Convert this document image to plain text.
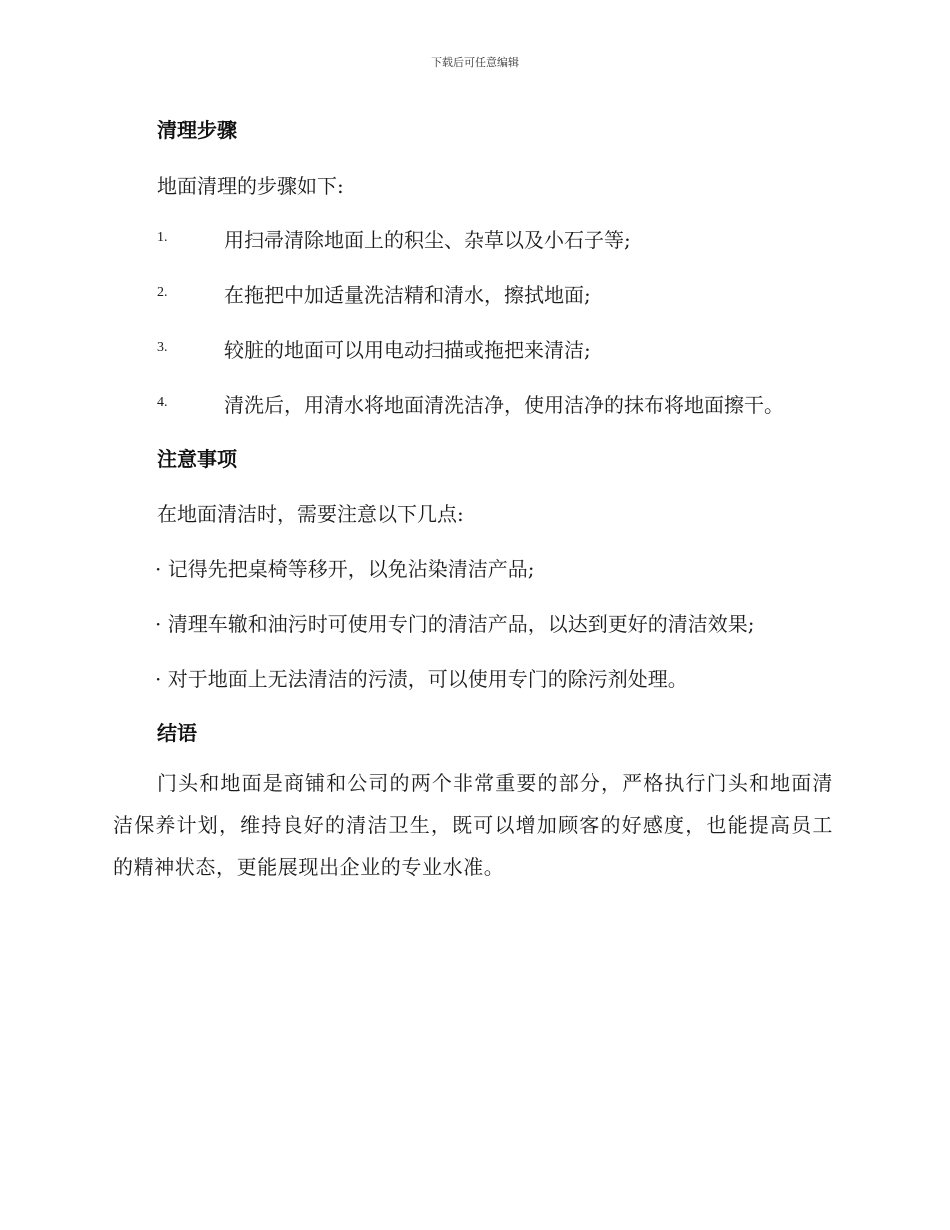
下载后可任意编辑
清理步骤
地面清理的步骤如下:
1.	用扫帚清除地面上的积尘、杂草以及小石子等;
2.	在拖把中加适量洗洁精和清水，擦拭地面;
3.	较脏的地面可以用电动扫描或拖把来清洁;
4.	清洗后，用清水将地面清洗洁净，使用洁净的抹布将地面擦干。
注意事项
在地面清洁时，需要注意以下几点:
· 记得先把桌椅等移开，以免沾染清洁产品;
· 清理车辙和油污时可使用专门的清洁产品，以达到更好的清洁效果;
· 对于地面上无法清洁的污渍，可以使用专门的除污剂处理。
结语
门头和地面是商铺和公司的两个非常重要的部分，严格执行门头和地面清洁保养计划，维持良好的清洁卫生，既可以增加顾客的好感度，也能提高员工的精神状态，更能展现出企业的专业水准。
